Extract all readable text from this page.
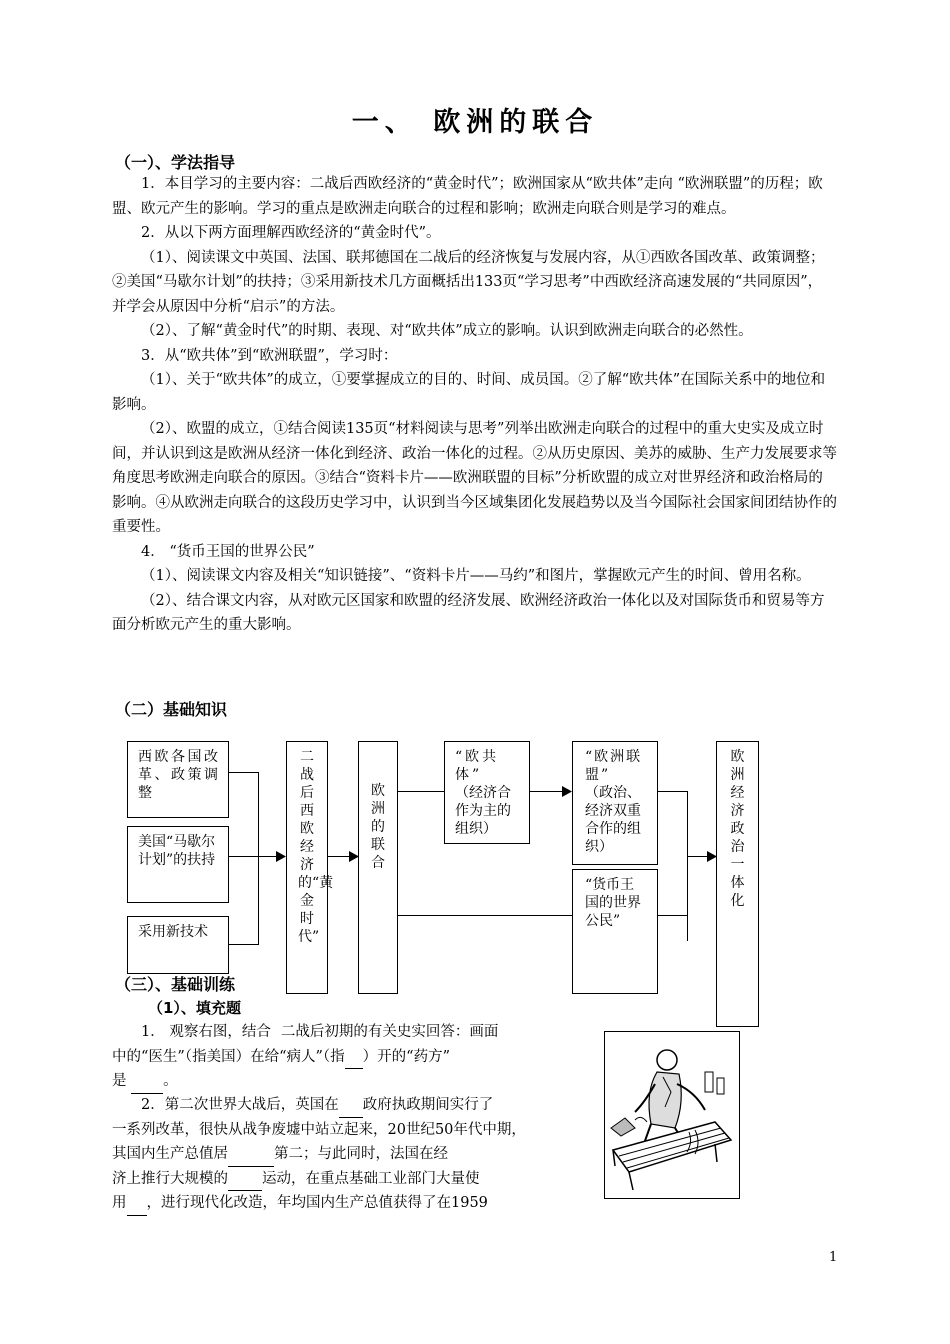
一、 欧洲的联合
（一）、学法指导
1．本目学习的主要内容：二战后西欧经济的“黄金时代”；欧洲国家从“欧共体”走向 “欧洲联盟”的历程；欧盟、欧元产生的影响。学习的重点是欧洲走向联合的过程和影响；欧洲走向联合则是学习的难点。
2．从以下两方面理解西欧经济的“黄金时代”。
（1）、阅读课文中英国、法国、联邦德国在二战后的经济恢复与发展内容，从①西欧各国改革、政策调整；②美国“马歇尔计划”的扶持；③采用新技术几方面概括出133页“学习思考”中西欧经济高速发展的“共同原因”， 并学会从原因中分析“启示”的方法。
（2）、了解“黄金时代”的时期、表现、对“欧共体”成立的影响。认识到欧洲走向联合的必然性。
3．从“欧共体”到“欧洲联盟”，学习时：
（1）、关于“欧共体”的成立，①要掌握成立的目的、时间、成员国。②了解“欧共体”在国际关系中的地位和影响。
（2）、欧盟的成立，①结合阅读135页“材料阅读与思考”列举出欧洲走向联合的过程中的重大史实及成立时间，并认识到这是欧洲从经济一体化到经济、政治一体化的过程。②从历史原因、美苏的威胁、生产力发展要求等角度思考欧洲走向联合的原因。③结合“资料卡片——欧洲联盟的目标”分析欧盟的成立对世界经济和政治格局的影响。④从欧洲走向联合的这段历史学习中，认识到当今区域集团化发展趋势以及当今国际社会国家间团结协作的重要性。
4． “货币王国的世界公民”
（1）、阅读课文内容及相关“知识链接”、“资料卡片——马约”和图片，掌握欧元产生的时间、曾用名称。
（2）、结合课文内容，从对欧元区国家和欧盟的经济发展、欧洲经济政治一体化以及对国际货币和贸易等方面分析欧元产生的重大影响。
（二）基础知识
西欧各国改革、政策调整
美国“马歇尔计划”的扶持
采用新技术
二战后西欧经济的“黄金时代”
欧洲的联合
“欧共体”
（经济合作为主的组织）
“欧洲联盟”
（政治、经济双重合作的组织）
“货币王国的世界公民”
欧洲经济政治一体化
（三）、基础训练
（1）、填充题
1． 观察右图，结合 二战后初期的有关史实回答：画面
中的“医生”（指美国）在给“病人”（指 ）开的“药方”
是	。
2．第二次世界大战后，英国在 政府执政期间实行了
一系列改革，很快从战争废墟中站立起来，20世纪50年代中期，
其国内生产总值居	第二；与此同时，法国在经
济上推行大规模的 运动，在重点基础工业部门大量使
用 ，进行现代化改造，年均国内生产总值获得了在1959
1
